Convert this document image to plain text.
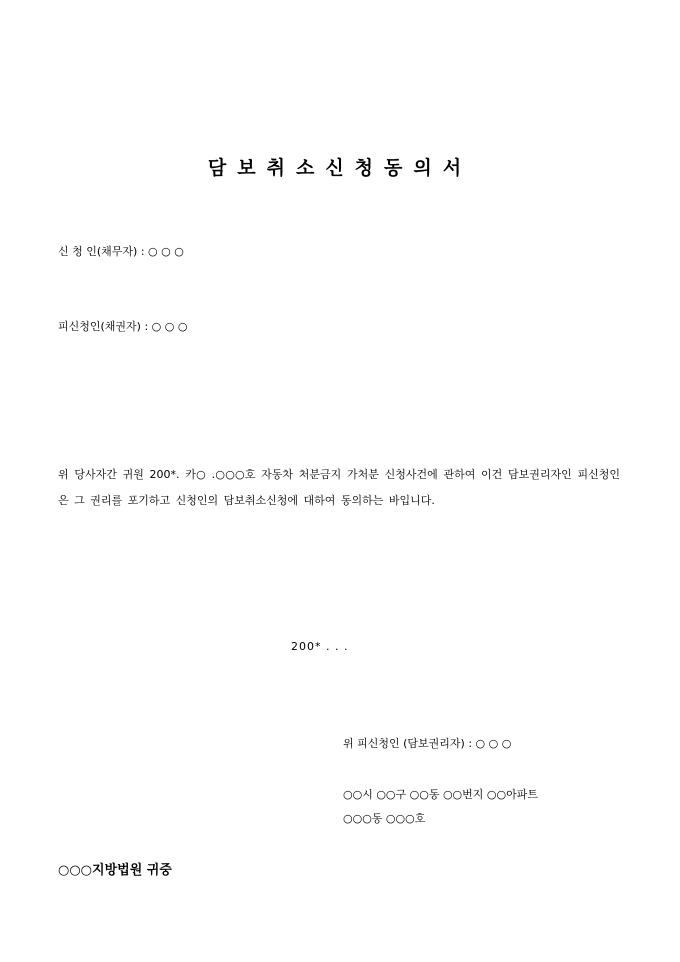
담보취소신청동의서
신 청 인(채무자) : ○ ○ ○
피신청인(채권자) : ○ ○ ○
위 당사자간 귀원 200*. 카○ .○○○호 자동차 처분금지 가처분 신청사건에 관하여 이건 담보권리자인 피신청인은 그 권리를 포기하고 신청인의 담보취소신청에 대하여 동의하는 바입니다.
200* . . .
위 피신청인 (담보권리자) : ○ ○ ○
○○시 ○○구 ○○동 ○○번지 ○○아파트
○○○동 ○○○호
○○○지방법원 귀중
